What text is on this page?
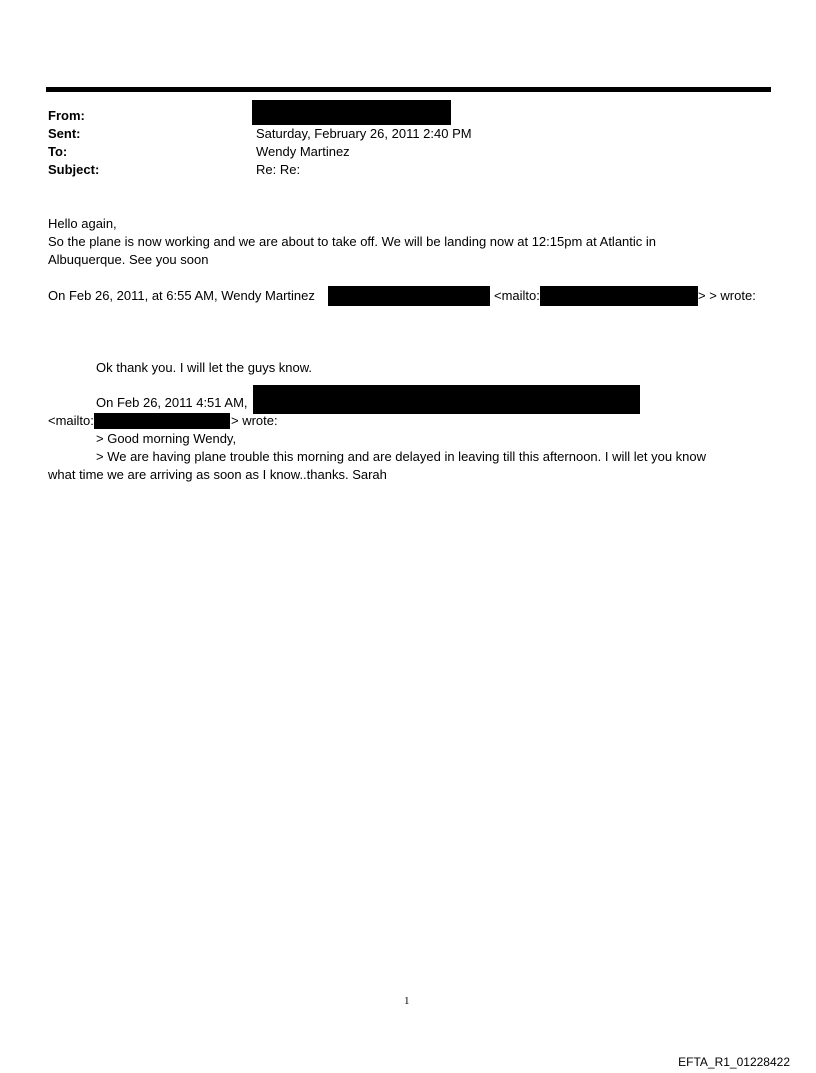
From:
Sent:	Saturday, February 26, 2011 2:40 PM
To:	Wendy Martinez
Subject:	Re: Re:
Hello again,
So the plane is now working and we are about to take off. We will be landing now at 12:15pm at Atlantic in
Albuquerque. See you soon
On Feb 26, 2011, at 6:55 AM, Wendy Martinez	<mailto:	> > wrote:
Ok thank you. I will let the guys know.
On Feb 26, 2011 4:51 AM,
<mailto:	> wrote:
> Good morning Wendy,
> We are having plane trouble this morning and are delayed in leaving till this afternoon. I will let you know
what time we are arriving as soon as I know..thanks. Sarah
1
EFTA_R1_01228422
